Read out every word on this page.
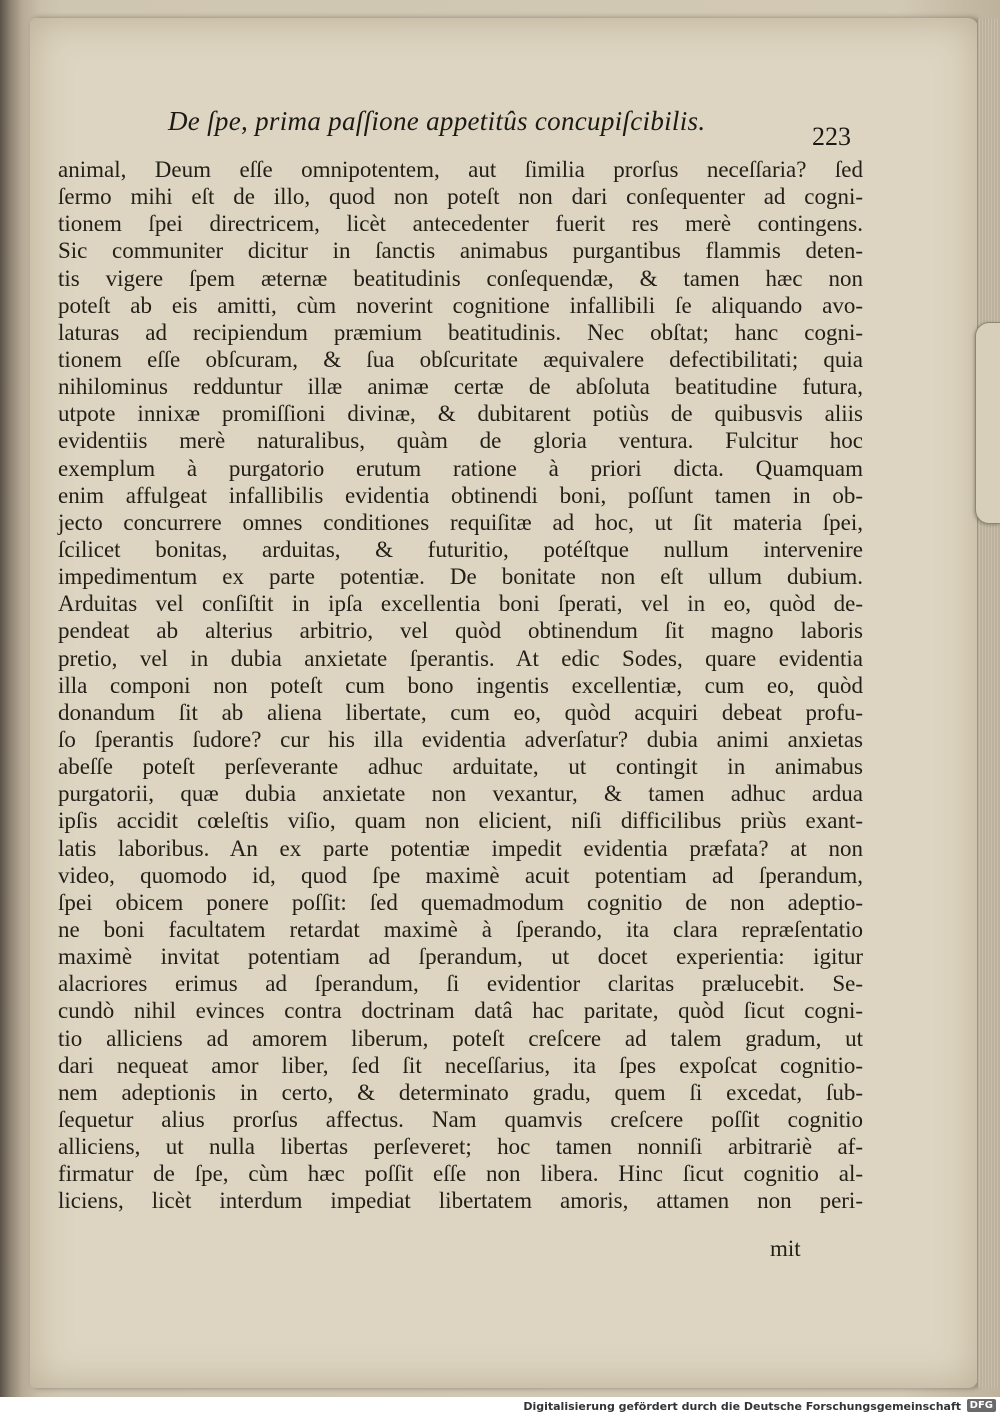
De ſpe, prima paſſione appetitûs concupiſcibilis.
223
animal, Deum eſſe omnipotentem, aut ſimilia prorſus neceſſaria? ſed
ſermo mihi eſt de illo, quod non poteſt non dari conſequenter ad cogni-
tionem ſpei directricem, licèt antecedenter fuerit res merè contingens.
Sic communiter dicitur in ſanctis animabus purgantibus flammis deten-
tis vigere ſpem æternæ beatitudinis conſequendæ, & tamen hæc non
poteſt ab eis amitti, cùm noverint cognitione infallibili ſe aliquando avo-
laturas ad recipiendum præmium beatitudinis. Nec obſtat; hanc cogni-
tionem eſſe obſcuram, & ſua obſcuritate æquivalere defectibilitati; quia
nihilominus redduntur illæ animæ certæ de abſoluta beatitudine futura,
utpote innixæ promiſſioni divinæ, & dubitarent potiùs de quibusvis aliis
evidentiis merè naturalibus, quàm de gloria ventura. Fulcitur hoc
exemplum à purgatorio erutum ratione à priori dicta. Quamquam
enim affulgeat infallibilis evidentia obtinendi boni, poſſunt tamen in ob-
jecto concurrere omnes conditiones requiſitæ ad hoc, ut ſit materia ſpei,
ſcilicet bonitas, arduitas, & futuritio, potéſtque nullum intervenire
impedimentum ex parte potentiæ. De bonitate non eſt ullum dubium.
Arduitas vel conſiſtit in ipſa excellentia boni ſperati, vel in eo, quòd de-
pendeat ab alterius arbitrio, vel quòd obtinendum ſit magno laboris
pretio, vel in dubia anxietate ſperantis. At edic Sodes, quare evidentia
illa componi non poteſt cum bono ingentis excellentiæ, cum eo, quòd
donandum ſit ab aliena libertate, cum eo, quòd acquiri debeat profu-
ſo ſperantis ſudore? cur his illa evidentia adverſatur? dubia animi anxietas
abeſſe poteſt perſeverante adhuc arduitate, ut contingit in animabus
purgatorii, quæ dubia anxietate non vexantur, & tamen adhuc ardua
ipſis accidit cœleſtis viſio, quam non elicient, niſi difficilibus priùs exant-
latis laboribus. An ex parte potentiæ impedit evidentia præfata? at non
video, quomodo id, quod ſpe maximè acuit potentiam ad ſperandum,
ſpei obicem ponere poſſit: ſed quemadmodum cognitio de non adeptio-
ne boni facultatem retardat maximè à ſperando, ita clara repræſentatio
maximè invitat potentiam ad ſperandum, ut docet experientia: igitur
alacriores erimus ad ſperandum, ſi evidentior claritas prælucebit. Se-
cundò nihil evinces contra doctrinam datâ hac paritate, quòd ſicut cogni-
tio alliciens ad amorem liberum, poteſt creſcere ad talem gradum, ut
dari nequeat amor liber, ſed ſit neceſſarius, ita ſpes expoſcat cognitio-
nem adeptionis in certo, & determinato gradu, quem ſi excedat, ſub-
ſequetur alius prorſus affectus. Nam quamvis creſcere poſſit cognitio
alliciens, ut nulla libertas perſeveret; hoc tamen nonniſi arbitrariè af-
firmatur de ſpe, cùm hæc poſſit eſſe non libera. Hinc ſicut cognitio al-
liciens, licèt interdum impediat libertatem amoris, attamen non peri-
mit
Digitalisierung gefördert durch die Deutsche Forschungsgemeinschaft DFG
